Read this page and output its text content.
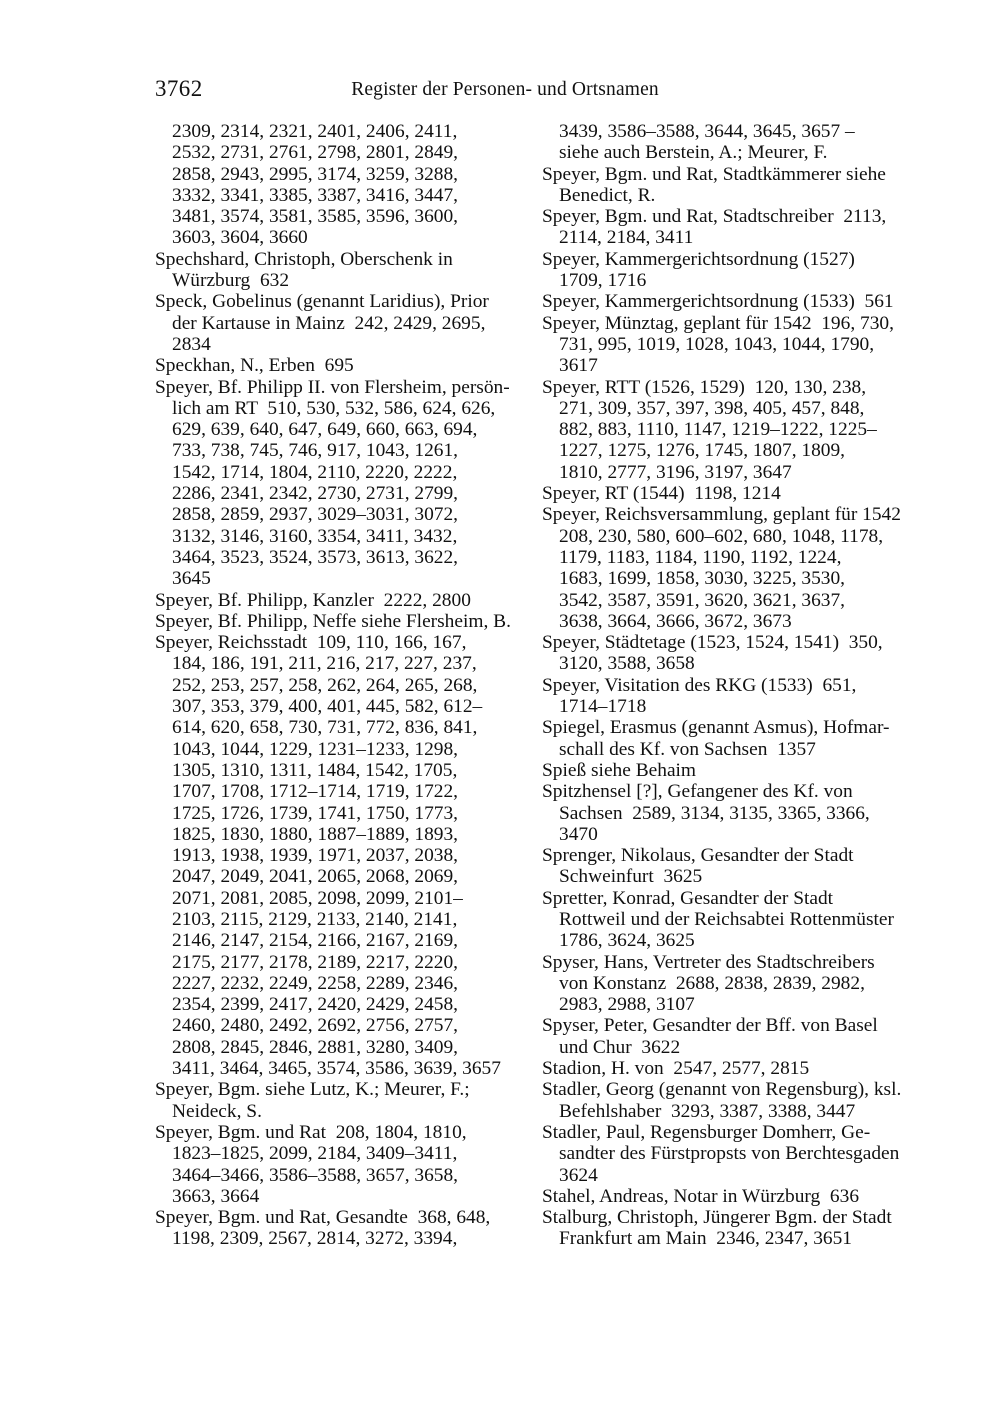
3762	Register der Personen- und Ortsnamen
2309, 2314, 2321, 2401, 2406, 2411,
2532, 2731, 2761, 2798, 2801, 2849,
2858, 2943, 2995, 3174, 3259, 3288,
3332, 3341, 3385, 3387, 3416, 3447,
3481, 3574, 3581, 3585, 3596, 3600,
3603, 3604, 3660
Spechshard, Christoph, Oberschenk in
Würzburg  632
Speck, Gobelinus (genannt Laridius), Prior
der Kartause in Mainz  242, 2429, 2695,
2834
Speckhan, N., Erben  695
Speyer, Bf. Philipp II. von Flersheim, persön-
lich am RT  510, 530, 532, 586, 624, 626,
629, 639, 640, 647, 649, 660, 663, 694,
733, 738, 745, 746, 917, 1043, 1261,
1542, 1714, 1804, 2110, 2220, 2222,
2286, 2341, 2342, 2730, 2731, 2799,
2858, 2859, 2937, 3029–3031, 3072,
3132, 3146, 3160, 3354, 3411, 3432,
3464, 3523, 3524, 3573, 3613, 3622,
3645
Speyer, Bf. Philipp, Kanzler  2222, 2800
Speyer, Bf. Philipp, Neffe siehe Flersheim, B.
Speyer, Reichsstadt  109, 110, 166, 167,
184, 186, 191, 211, 216, 217, 227, 237,
252, 253, 257, 258, 262, 264, 265, 268,
307, 353, 379, 400, 401, 445, 582, 612–
614, 620, 658, 730, 731, 772, 836, 841,
1043, 1044, 1229, 1231–1233, 1298,
1305, 1310, 1311, 1484, 1542, 1705,
1707, 1708, 1712–1714, 1719, 1722,
1725, 1726, 1739, 1741, 1750, 1773,
1825, 1830, 1880, 1887–1889, 1893,
1913, 1938, 1939, 1971, 2037, 2038,
2047, 2049, 2041, 2065, 2068, 2069,
2071, 2081, 2085, 2098, 2099, 2101–
2103, 2115, 2129, 2133, 2140, 2141,
2146, 2147, 2154, 2166, 2167, 2169,
2175, 2177, 2178, 2189, 2217, 2220,
2227, 2232, 2249, 2258, 2289, 2346,
2354, 2399, 2417, 2420, 2429, 2458,
2460, 2480, 2492, 2692, 2756, 2757,
2808, 2845, 2846, 2881, 3280, 3409,
3411, 3464, 3465, 3574, 3586, 3639, 3657
Speyer, Bgm. siehe Lutz, K.; Meurer, F.;
Neideck, S.
Speyer, Bgm. und Rat  208, 1804, 1810,
1823–1825, 2099, 2184, 3409–3411,
3464–3466, 3586–3588, 3657, 3658,
3663, 3664
Speyer, Bgm. und Rat, Gesandte  368, 648,
1198, 2309, 2567, 2814, 3272, 3394,
3439, 3586–3588, 3644, 3645, 3657 –
siehe auch Berstein, A.; Meurer, F.
Speyer, Bgm. und Rat, Stadtkämmerer siehe
Benedict, R.
Speyer, Bgm. und Rat, Stadtschreiber  2113,
2114, 2184, 3411
Speyer, Kammergerichtsordnung (1527)
1709, 1716
Speyer, Kammergerichtsordnung (1533)  561
Speyer, Münztag, geplant für 1542  196, 730,
731, 995, 1019, 1028, 1043, 1044, 1790,
3617
Speyer, RTT (1526, 1529)  120, 130, 238,
271, 309, 357, 397, 398, 405, 457, 848,
882, 883, 1110, 1147, 1219–1222, 1225–
1227, 1275, 1276, 1745, 1807, 1809,
1810, 2777, 3196, 3197, 3647
Speyer, RT (1544)  1198, 1214
Speyer, Reichsversammlung, geplant für 1542
208, 230, 580, 600–602, 680, 1048, 1178,
1179, 1183, 1184, 1190, 1192, 1224,
1683, 1699, 1858, 3030, 3225, 3530,
3542, 3587, 3591, 3620, 3621, 3637,
3638, 3664, 3666, 3672, 3673
Speyer, Städtetage (1523, 1524, 1541)  350,
3120, 3588, 3658
Speyer, Visitation des RKG (1533)  651,
1714–1718
Spiegel, Erasmus (genannt Asmus), Hofmar-
schall des Kf. von Sachsen  1357
Spieß siehe Behaim
Spitzhensel [?], Gefangener des Kf. von
Sachsen  2589, 3134, 3135, 3365, 3366,
3470
Sprenger, Nikolaus, Gesandter der Stadt
Schweinfurt  3625
Spretter, Konrad, Gesandter der Stadt
Rottweil und der Reichsabtei Rottenmüster
1786, 3624, 3625
Spyser, Hans, Vertreter des Stadtschreibers
von Konstanz  2688, 2838, 2839, 2982,
2983, 2988, 3107
Spyser, Peter, Gesandter der Bff. von Basel
und Chur  3622
Stadion, H. von  2547, 2577, 2815
Stadler, Georg (genannt von Regensburg), ksl.
Befehlshaber  3293, 3387, 3388, 3447
Stadler, Paul, Regensburger Domherr, Ge-
sandter des Fürstpropsts von Berchtesgaden
3624
Stahel, Andreas, Notar in Würzburg  636
Stalburg, Christoph, Jüngerer Bgm. der Stadt
Frankfurt am Main  2346, 2347, 3651
